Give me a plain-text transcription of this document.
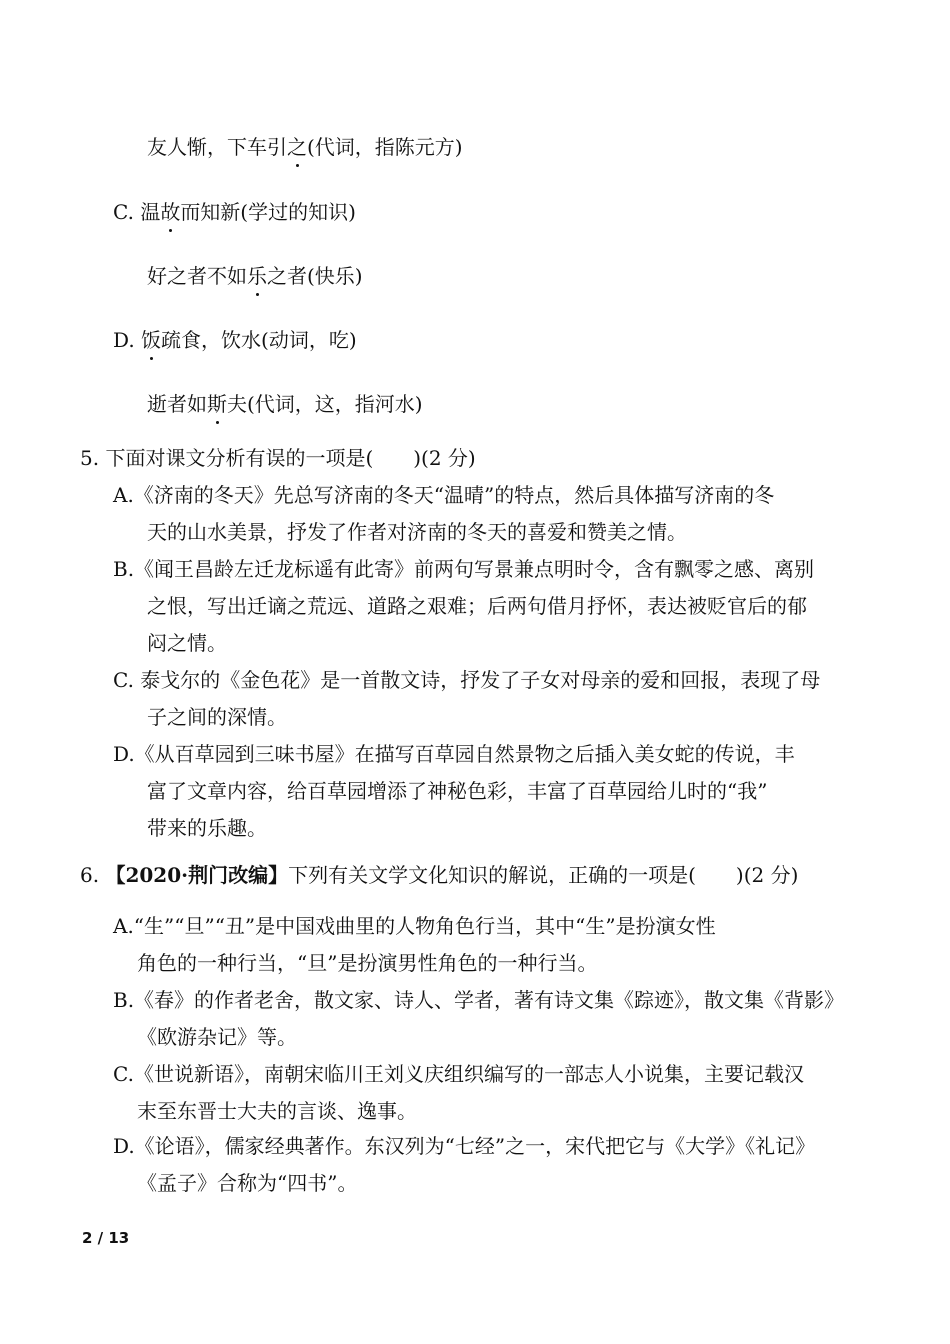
友人惭，下车引之(代词，指陈元方)
C. 温故而知新(学过的知识)
好之者不如乐之者(快乐)
D. 饭疏食，饮水(动词，吃)
逝者如斯夫(代词，这，指河水)
5. 下面对课文分析有误的一项是(　　)(2 分)
A.《济南的冬天》先总写济南的冬天“温晴”的特点，然后具体描写济南的冬
天的山水美景，抒发了作者对济南的冬天的喜爱和赞美之情。
B.《闻王昌龄左迁龙标遥有此寄》前两句写景兼点明时令，含有飘零之感、离别
之恨，写出迁谪之荒远、道路之艰难；后两句借月抒怀，表达被贬官后的郁
闷之情。
C. 泰戈尔的《金色花》是一首散文诗，抒发了子女对母亲的爱和回报，表现了母
子之间的深情。
D.《从百草园到三味书屋》在描写百草园自然景物之后插入美女蛇的传说，丰
富了文章内容，给百草园增添了神秘色彩，丰富了百草园给儿时的“我”
带来的乐趣。
6. 【2020·荆门改编】下列有关文学文化知识的解说，正确的一项是(　　)(2 分)
A.“生”“旦”“丑”是中国戏曲里的人物角色行当，其中“生”是扮演女性
角色的一种行当，“旦”是扮演男性角色的一种行当。
B.《春》的作者老舍，散文家、诗人、学者，著有诗文集《踪迹》，散文集《背影》
《欧游杂记》等。
C.《世说新语》，南朝宋临川王刘义庆组织编写的一部志人小说集，主要记载汉
末至东晋士大夫的言谈、逸事。
D.《论语》，儒家经典著作。东汉列为“七经”之一，宋代把它与《大学》《礼记》
《孟子》合称为“四书”。
2 / 13
